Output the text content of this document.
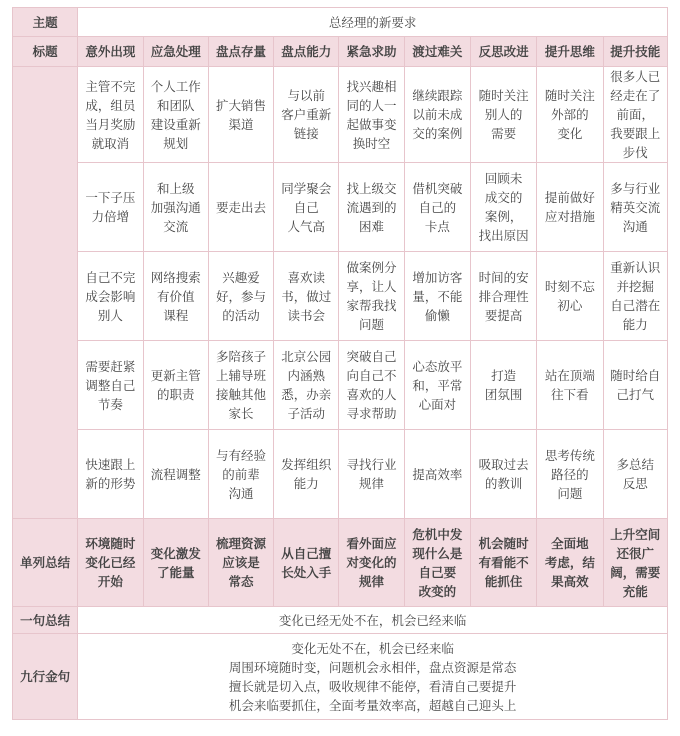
主题	总经理的新要求								
标题	意外出现	应急处理	盘点存量	盘点能力	紧急求助	渡过难关	反思改进	提升思维	提升技能
	主管不完
成，组员
当月奖励
就取消	个人工作
和团队
建设重新
规划	扩大销售
渠道	与以前
客户重新
链接	找兴趣相
同的人一
起做事变
换时空	继续跟踪
以前未成
交的案例	随时关注
别人的
需要	随时关注
外部的
变化	很多人已
经走在了
前面，
我要跟上
步伐
	一下子压
力倍增	和上级
加强沟通
交流	要走出去	同学聚会
自己
人气高	找上级交
流遇到的
困难	借机突破
自己的
卡点	回顾未
成交的
案例，
找出原因	提前做好
应对措施	多与行业
精英交流
沟通
	自己不完
成会影响
别人	网络搜索
有价值
课程	兴趣爱
好，参与
的活动	喜欢读
书，做过
读书会	做案例分
享，让人
家帮我找
问题	增加访客
量，不能
偷懒	时间的安
排合理性
要提高	时刻不忘
初心	重新认识
并挖掘
自己潜在
能力
	需要赶紧
调整自己
节奏	更新主管
的职责	多陪孩子
上辅导班
接触其他
家长	北京公园
内涵熟
悉，办亲
子活动	突破自己
向自己不
喜欢的人
寻求帮助	心态放平
和，平常
心面对	打造
团氛围	站在顶端
往下看	随时给自
己打气
	快速跟上
新的形势	流程调整	与有经验
的前辈
沟通	发挥组织
能力	寻找行业
规律	提高效率	吸取过去
的教训	思考传统
路径的
问题	多总结
反思
单列总结	环境随时
变化已经
开始	变化激发
了能量	梳理资源
应该是
常态	从自己擅
长处入手	看外面应
对变化的
规律	危机中发
现什么是
自己要
改变的	机会随时
有看能不
能抓住	全面地
考虑，结
果高效	上升空间
还很广
阔，需要
充能
一句总结	变化已经无处不在，机会已经来临								
九行金句	变化无处不在，机会已经来临
周围环境随时变，问题机会永相伴，盘点资源是常态
擅长就是切入点，吸收规律不能停，看清自己要提升
机会来临要抓住，全面考量效率高，超越自己迎头上								
